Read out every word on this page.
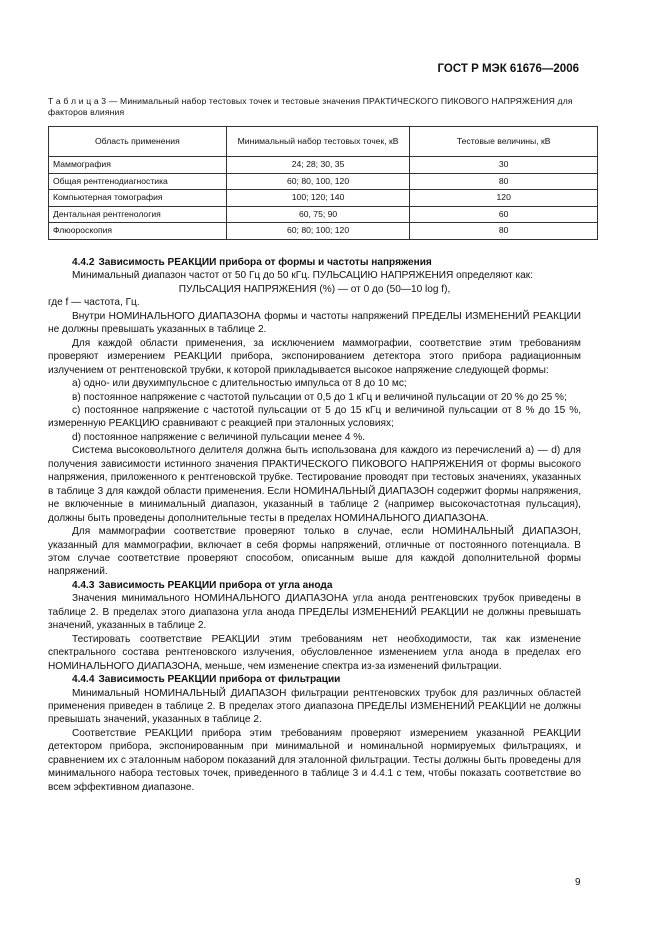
ГОСТ Р МЭК 61676—2006
Т а б л и ц а 3 — Минимальный набор тестовых точек и тестовые значения ПРАКТИЧЕСКОГО ПИКОВОГО НАПРЯЖЕНИЯ для факторов влияния
Область применения	Минимальный набор тестовых точек, кВ	Тестовые величины, кВ
Маммография	24; 28; 30, 35	30
Общая рентгенодиагностика	60; 80, 100, 120	80
Компьютерная томография	100; 120; 140	120
Дентальная рентгенология	60, 75; 90	60
Флюороскопия	60; 80; 100; 120	80
4.4.2 Зависимость РЕАКЦИИ прибора от формы и частоты напряжения

Минимальный диапазон частот от 50 Гц до 50 кГц. ПУЛЬСАЦИЮ НАПРЯЖЕНИЯ определяют как:

ПУЛЬСАЦИЯ НАПРЯЖЕНИЯ (%) — от 0 до (50—10 log f),

где f — частота, Гц.

Внутри НОМИНАЛЬНОГО ДИАПАЗОНА формы и частоты напряжений ПРЕДЕЛЫ ИЗМЕНЕНИЙ РЕАКЦИИ не должны превышать указанных в таблице 2.

Для каждой области применения, за исключением маммографии, соответствие этим требованиям проверяют измерением РЕАКЦИИ прибора, экспонированием детектора этого прибора радиационным излучением от рентгеновской трубки, к которой прикладывается высокое напряжение следующей формы:

а) одно- или двухимпульсное с длительностью импульса от 8 до 10 мс;

в) постоянное напряжение с частотой пульсации от 0,5 до 1 кГц и величиной пульсации от 20 % до 25 %;

с) постоянное напряжение с частотой пульсации от 5 до 15 кГц и величиной пульсации от 8 % до 15 %, измеренную РЕАКЦИЮ сравнивают с реакцией при эталонных условиях;

d) постоянное напряжение с величиной пульсации менее 4 %.

Система высоковольтного делителя должна быть использована для каждого из перечислений а) — d) для получения зависимости истинного значения ПРАКТИЧЕСКОГО ПИКОВОГО НАПРЯЖЕНИЯ от формы высокого напряжения, приложенного к рентгеновской трубке. Тестирование проводят при тестовых значениях, указанных в таблице 3 для каждой области применения. Если НОМИНАЛЬНЫЙ ДИАПАЗОН содержит формы напряжения, не включенные в минимальный диапазон, указанный в таблице 2 (например высокочастотная пульсация), должны быть проведены дополнительные тесты в пределах НОМИНАЛЬНОГО ДИАПАЗОНА.

Для маммографии соответствие проверяют только в случае, если НОМИНАЛЬНЫЙ ДИАПАЗОН, указанный для маммографии, включает в себя формы напряжений, отличные от постоянного потенциала. В этом случае соответствие проверяют способом, описанным выше для каждой дополнительной формы напряжений.

4.4.3 Зависимость РЕАКЦИИ прибора от угла анода

Значения минимального НОМИНАЛЬНОГО ДИАПАЗОНА угла анода рентгеновских трубок приведены в таблице 2. В пределах этого диапазона угла анода ПРЕДЕЛЫ ИЗМЕНЕНИЙ РЕАКЦИИ не должны превышать значений, указанных в таблице 2.

Тестировать соответствие РЕАКЦИИ этим требованиям нет необходимости, так как изменение спектрального состава рентгеновского излучения, обусловленное изменением угла анода в пределах его НОМИНАЛЬНОГО ДИАПАЗОНА, меньше, чем изменение спектра из-за изменений фильтрации.

4.4.4 Зависимость РЕАКЦИИ прибора от фильтрации

Минимальный НОМИНАЛЬНЫЙ ДИАПАЗОН фильтрации рентгеновских трубок для различных областей применения приведен в таблице 2. В пределах этого диапазона ПРЕДЕЛЫ ИЗМЕНЕНИЙ РЕАКЦИИ не должны превышать значений, указанных в таблице 2.

Соответствие РЕАКЦИИ прибора этим требованиям проверяют измерением указанной РЕАКЦИИ детектором прибора, экспонированным при минимальной и номинальной нормируемых фильтрациях, и сравнением их с эталонным набором показаний для эталонной фильтрации. Тесты должны быть проведены для минимального набора тестовых точек, приведенного в таблице 3 и 4.4.1 с тем, чтобы показать соответствие во всем эффективном диапазоне.

9
